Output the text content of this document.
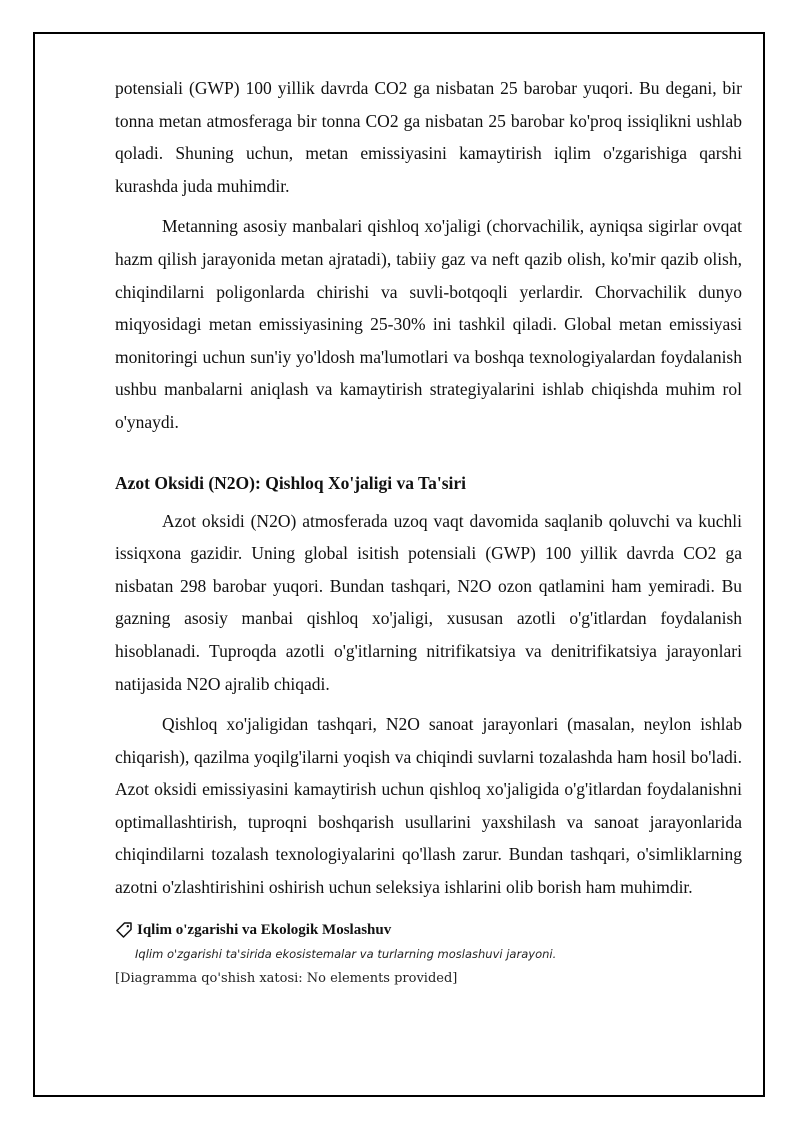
potensiali (GWP) 100 yillik davrda CO2 ga nisbatan 25 barobar yuqori. Bu degani, bir tonna metan atmosferaga bir tonna CO2 ga nisbatan 25 barobar ko'proq issiqlikni ushlab qoladi. Shuning uchun, metan emissiyasini kamaytirish iqlim o'zgarishiga qarshi kurashda juda muhimdir.

Metanning asosiy manbalari qishloq xo'jaligi (chorvachilik, ayniqsa sigirlar ovqat hazm qilish jarayonida metan ajratadi), tabiiy gaz va neft qazib olish, ko'mir qazib olish, chiqindilarni poligonlarda chirishi va suvli-botqoqli yerlardir. Chorvachilik dunyo miqyosidagi metan emissiyasining 25-30% ini tashkil qiladi. Global metan emissiyasi monitoringi uchun sun'iy yo'ldosh ma'lumotlari va boshqa texnologiyalardan foydalanish ushbu manbalarni aniqlash va kamaytirish strategiyalarini ishlab chiqishda muhim rol o'ynaydi.

Azot Oksidi (N2O): Qishloq Xo'jaligi va Ta'siri

Azot oksidi (N2O) atmosferada uzoq vaqt davomida saqlanib qoluvchi va kuchli issiqxona gazidir. Uning global isitish potensiali (GWP) 100 yillik davrda CO2 ga nisbatan 298 barobar yuqori. Bundan tashqari, N2O ozon qatlamini ham yemiradi. Bu gazning asosiy manbai qishloq xo'jaligi, xususan azotli o'g'itlardan foydalanish hisoblanadi. Tuproqda azotli o'g'itlarning nitrifikatsiya va denitrifikatsiya jarayonlari natijasida N2O ajralib chiqadi.

Qishloq xo'jaligidan tashqari, N2O sanoat jarayonlari (masalan, neylon ishlab chiqarish), qazilma yoqilg'ilarni yoqish va chiqindi suvlarni tozalashda ham hosil bo'ladi. Azot oksidi emissiyasini kamaytirish uchun qishloq xo'jaligida o'g'itlardan foydalanishni optimallashtirish, tuproqni boshqarish usullarini yaxshilash va sanoat jarayonlarida chiqindilarni tozalash texnologiyalarini qo'llash zarur. Bundan tashqari, o'simliklarning azotni o'zlashtirishini oshirish uchun seleksiya ishlarini olib borish ham muhimdir.

Iqlim o'zgarishi va Ekologik Moslashuv
Iqlim o'zgarishi ta'sirida ekosistemalar va turlarning moslashuvi jarayoni.
[Diagramma qo'shish xatosi: No elements provided]
